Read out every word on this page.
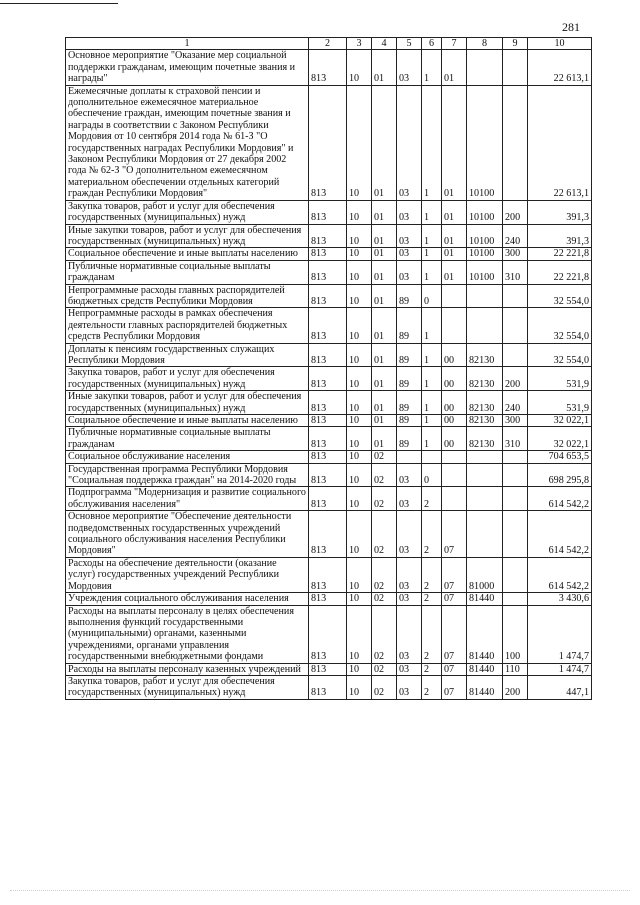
281
1	2	3	4	5	6	7	8	9	10
Основное мероприятие "Оказание мер социальной поддержки гражданам, имеющим почетные звания и награды"	813	10	01	03	1	01			22 613,1
Ежемесячные доплаты к страховой пенсии и дополнительное ежемесячное материальное обеспечение граждан, имеющим почетные звания и награды в соответствии с Законом Республики Мордовия от 10 сентября 2014 года № 61-З "О государственных наградах Республики Мордовия" и Законом Республики Мордовия от 27 декабря 2002 года № 62-З "О дополнительном ежемесячном материальном обеспечении отдельных категорий граждан Республики Мордовия"	813	10	01	03	1	01	10100		22 613,1
Закупка товаров, работ и услуг для обеспечения государственных (муниципальных) нужд	813	10	01	03	1	01	10100	200	391,3
Иные закупки товаров, работ и услуг для обеспечения государственных (муниципальных) нужд	813	10	01	03	1	01	10100	240	391,3
Социальное обеспечение и иные выплаты населению	813	10	01	03	1	01	10100	300	22 221,8
Публичные нормативные социальные выплаты гражданам	813	10	01	03	1	01	10100	310	22 221,8
Непрограммные расходы главных распорядителей бюджетных средств Республики Мордовия	813	10	01	89	0				32 554,0
Непрограммные расходы в рамках обеспечения деятельности главных распорядителей бюджетных средств Республики Мордовия	813	10	01	89	1				32 554,0
Доплаты к пенсиям государственных служащих Республики Мордовия	813	10	01	89	1	00	82130		32 554,0
Закупка товаров, работ и услуг для обеспечения государственных (муниципальных) нужд	813	10	01	89	1	00	82130	200	531,9
Иные закупки товаров, работ и услуг для обеспечения государственных (муниципальных) нужд	813	10	01	89	1	00	82130	240	531,9
Социальное обеспечение и иные выплаты населению	813	10	01	89	1	00	82130	300	32 022,1
Публичные нормативные социальные выплаты гражданам	813	10	01	89	1	00	82130	310	32 022,1
Социальное обслуживание населения	813	10	02						704 653,5
Государственная программа Республики Мордовия "Социальная поддержка граждан" на 2014-2020 годы	813	10	02	03	0				698 295,8
Подпрограмма "Модернизация и развитие социального обслуживания населения"	813	10	02	03	2				614 542,2
Основное мероприятие "Обеспечение деятельности подведомственных государственных учреждений социального обслуживания населения Республики Мордовия"	813	10	02	03	2	07			614 542,2
Расходы на обеспечение деятельности (оказание услуг) государственных учреждений Республики Мордовия	813	10	02	03	2	07	81000		614 542,2
Учреждения социального обслуживания населения	813	10	02	03	2	07	81440		3 430,6
Расходы на выплаты персоналу в целях обеспечения выполнения функций государственными (муниципальными) органами, казенными учреждениями, органами управления государственными внебюджетными фондами	813	10	02	03	2	07	81440	100	1 474,7
Расходы на выплаты персоналу казенных учреждений	813	10	02	03	2	07	81440	110	1 474,7
Закупка товаров, работ и услуг для обеспечения государственных (муниципальных) нужд	813	10	02	03	2	07	81440	200	447,1
